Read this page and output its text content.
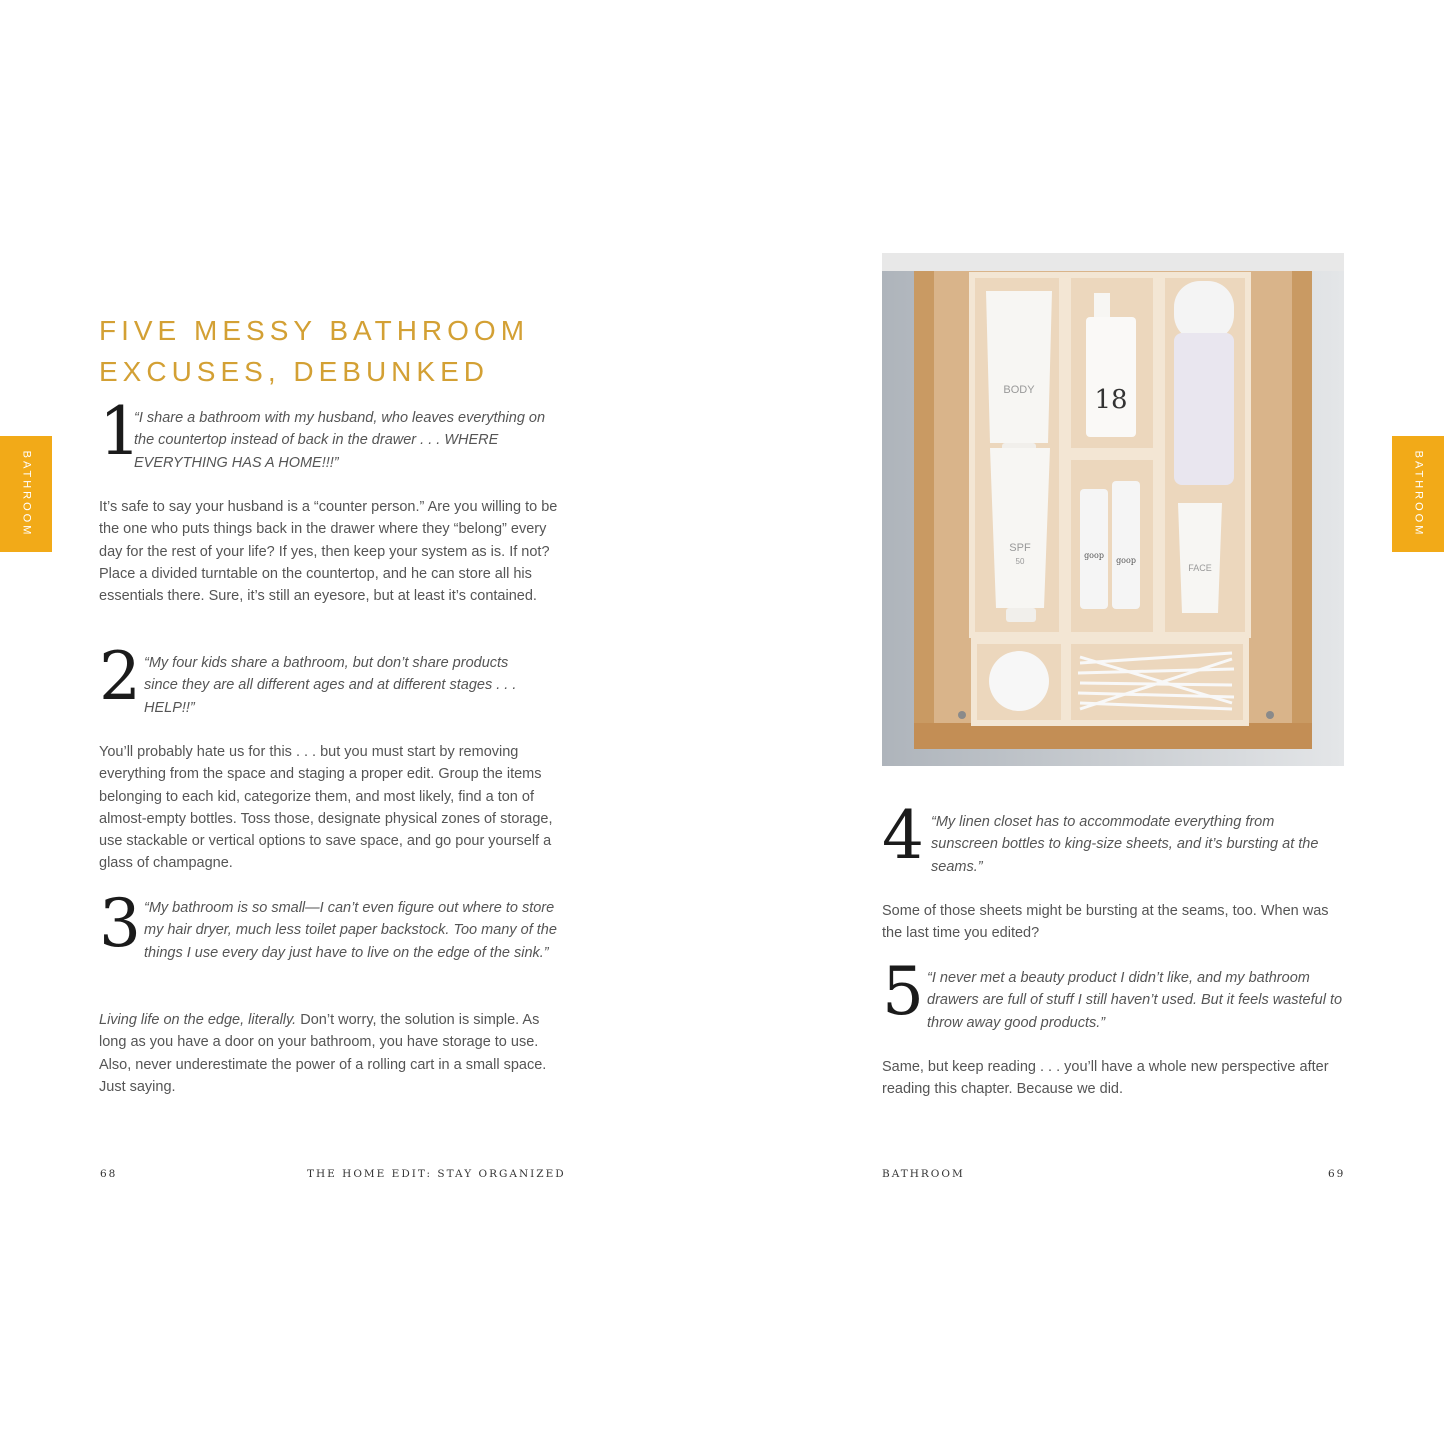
BATHROOM	BATHROOM
FIVE MESSY BATHROOM
EXCUSES, DEBUNKED
1

“I share a bathroom with my husband, who leaves everything on the countertop instead of back in the drawer . . . WHERE EVERYTHING HAS A HOME!!!”

It’s safe to say your husband is a “counter person.” Are you willing to be the one who puts things back in the drawer where they “belong” every day for the rest of your life? If yes, then keep your system as is. If not? Place a divided turntable on the countertop, and he can store all his essentials there. Sure, it’s still an eyesore, but at least it’s contained.

2 “My four kids share a bathroom, but don’t share products since they are all different ages and at different stages . . . HELP!!”

You’ll probably hate us for this . . . but you must start by removing everything from the space and staging a proper edit. Group the items belonging to each kid, categorize them, and most likely, find a ton of almost-empty bottles. Toss those, designate physical zones of storage, use stackable or vertical options to save space, and go pour yourself a glass of champagne.

3 “My bathroom is so small—I can’t even figure out where to store my hair dryer, much less toilet paper backstock. Too many of the things I use every day just have to live on the edge of the sink.”

Living life on the edge, literally. Don’t worry, the solution is simple. As long as you have a door on your bathroom, you have storage to use. Also, never underestimate the power of a rolling cart in a small space. Just saying.

BODY
SPF
50
18
goop
goop
FACE
4 “My linen closet has to accommodate everything from sunscreen bottles to king-size sheets, and it’s bursting at the seams.”

Some of those sheets might be bursting at the seams, too. When was the last time you edited?

5 “I never met a beauty product I didn’t like, and my bathroom drawers are full of stuff I still haven’t used. But it feels wasteful to throw away good products.”

Same, but keep reading . . . you’ll have a whole new perspective after reading this chapter. Because we did.

68	THE HOME EDIT: STAY ORGANIZED	BATHROOM	69
